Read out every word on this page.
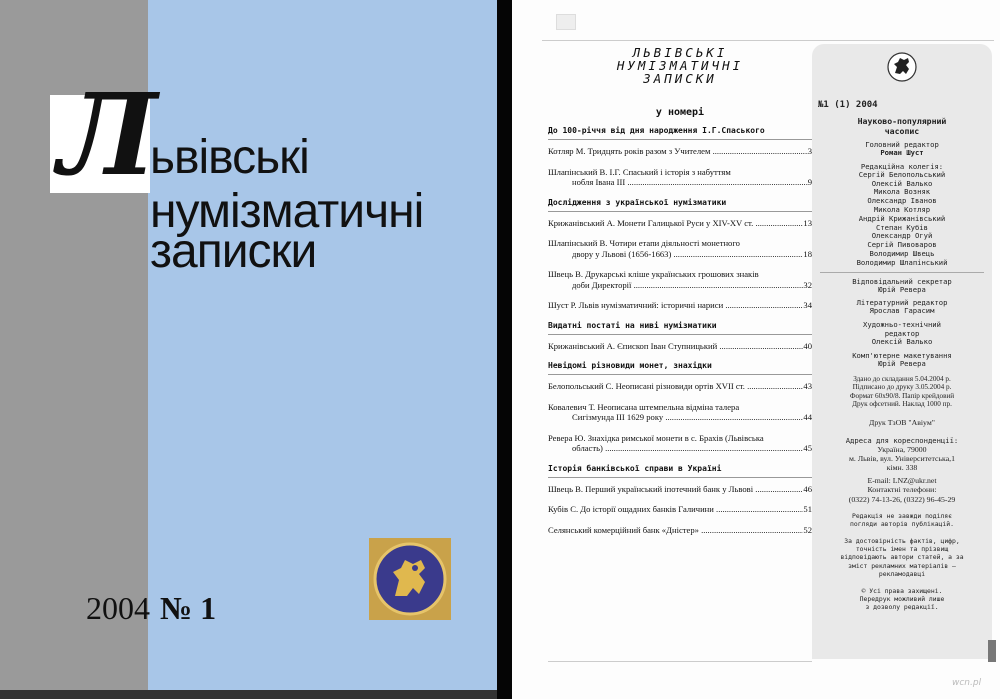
Л
ьвівські
нумізматичні
записки
2004 № 1
ЛЬВІВСЬКІ
НУМІЗМАТИЧНІ
ЗАПИСКИ
у номері
До 100-річчя від дня народження І.Г.Спаського
Котляр М. Тридцять років разом з Учителем .....	3
Шлапінський В. І.Г. Спаський і історія з набуттям
нобля Івана ІІІ .....	9
Дослідження з української нумізматики
Крижанівський А. Монети Галицької Руси у XIV-XV ст. .....	13
Шлапінський В. Чотири етапи діяльності монетного
двору у Львові (1656-1663) .....	18
Швець В. Друкарські кліше українських грошових знаків
доби Директорії .....	32
Шуст Р. Львів нумізматичний: історичні нариси .....	34
Видатні постаті на ниві нумізматики
Крижанівський А. Єпископ Іван Ступницький .....	40
Невідомі різновиди монет, знахідки
Белопольський С. Неописані різновиди ортів XVII ст. .....	43
Ковалевич Т. Неописана штемпельна відміна талера
Сигізмунда ІІІ 1629 року .....	44
Ревера Ю. Знахідка римської монети в с. Брахів (Львівська
область) .....	45
Історія банківської справи в Україні
Швець В. Перший український іпотечний банк у Львові .....	46
Кубів С. До історії ощадних банків Галичини .....	51
Селянський комерційний банк «Дністер» .....	52
№1 (1) 2004
Науково-популярний
часопис
Головний редактор
Роман Шуст
Редакційна колегія:
Сергій Белопольський
Олексій Валько
Микола Возняк
Олександр Іванов
Микола Котляр
Андрій Крижанівський
Степан Кубів
Олександр Огуй
Сергій Пивоваров
Володимир Швець
Володимир Шлапінський
Відповідальний секретар
Юрій Ревера
Літературний редактор
Ярослав Гарасим
Художньо-технічний
редактор
Олексій Валько
Комп'ютерне макетування
Юрій Ревера
Здано до складання 5.04.2004 р.
Підписано до друку 3.05.2004 р.
Формат 60х90/8. Папір крейдовий
Друк офсетний. Наклад 1000 пр.
Друк ТзОВ "Авіум"
Адреса для кореспонденції:
Україна, 79000
м. Львів, вул. Університетська,1
кімн. 338
E-mail: LNZ@ukr.net
Контактні телефони:
(0322) 74-13-26, (0322) 96-45-29
Редакція не завжди поділяє
погляди авторів публікацій.
За достовірність фактів, цифр,
точність імен та прізвищ
відповідають автори статей, а за
зміст рекламних матеріалів –
рекламодавці
© Усі права захищені.
Передрук можливий лише
з дозволу редакції.
wcn.pl
